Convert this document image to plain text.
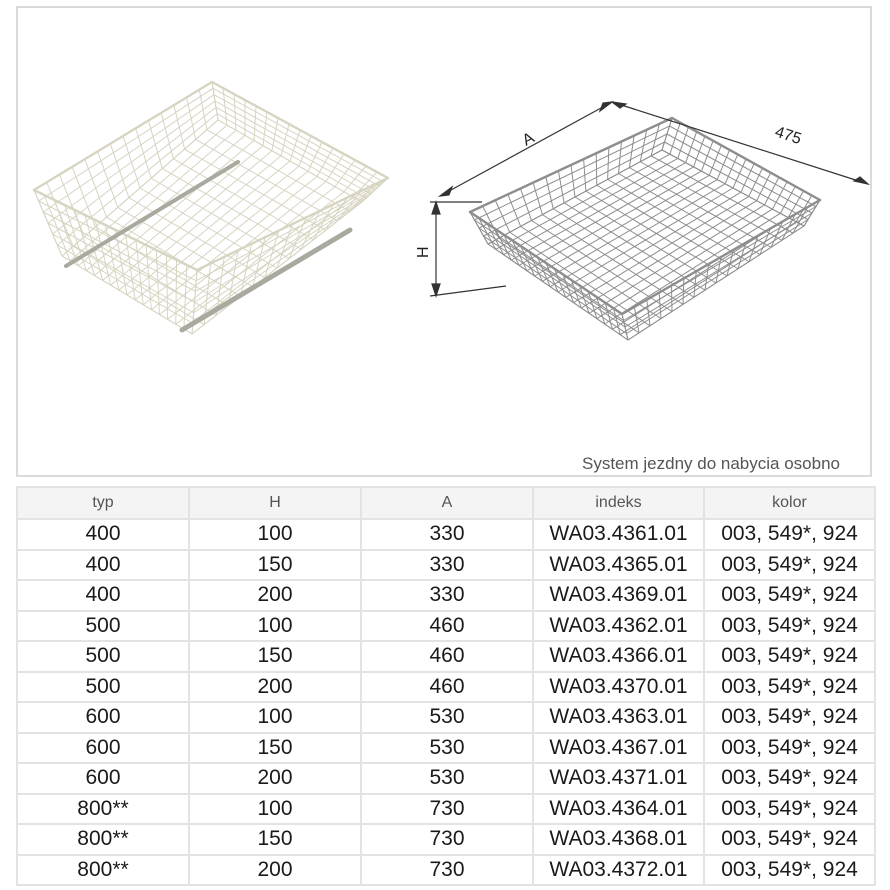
A	475
H
System jezdny do nabycia osobno
typ	H	A	indeks	kolor
400	100	330	WA03.4361.01	003, 549*, 924
400	150	330	WA03.4365.01	003, 549*, 924
400	200	330	WA03.4369.01	003, 549*, 924
500	100	460	WA03.4362.01	003, 549*, 924
500	150	460	WA03.4366.01	003, 549*, 924
500	200	460	WA03.4370.01	003, 549*, 924
600	100	530	WA03.4363.01	003, 549*, 924
600	150	530	WA03.4367.01	003, 549*, 924
600	200	530	WA03.4371.01	003, 549*, 924
800**	100	730	WA03.4364.01	003, 549*, 924
800**	150	730	WA03.4368.01	003, 549*, 924
800**	200	730	WA03.4372.01	003, 549*, 924
